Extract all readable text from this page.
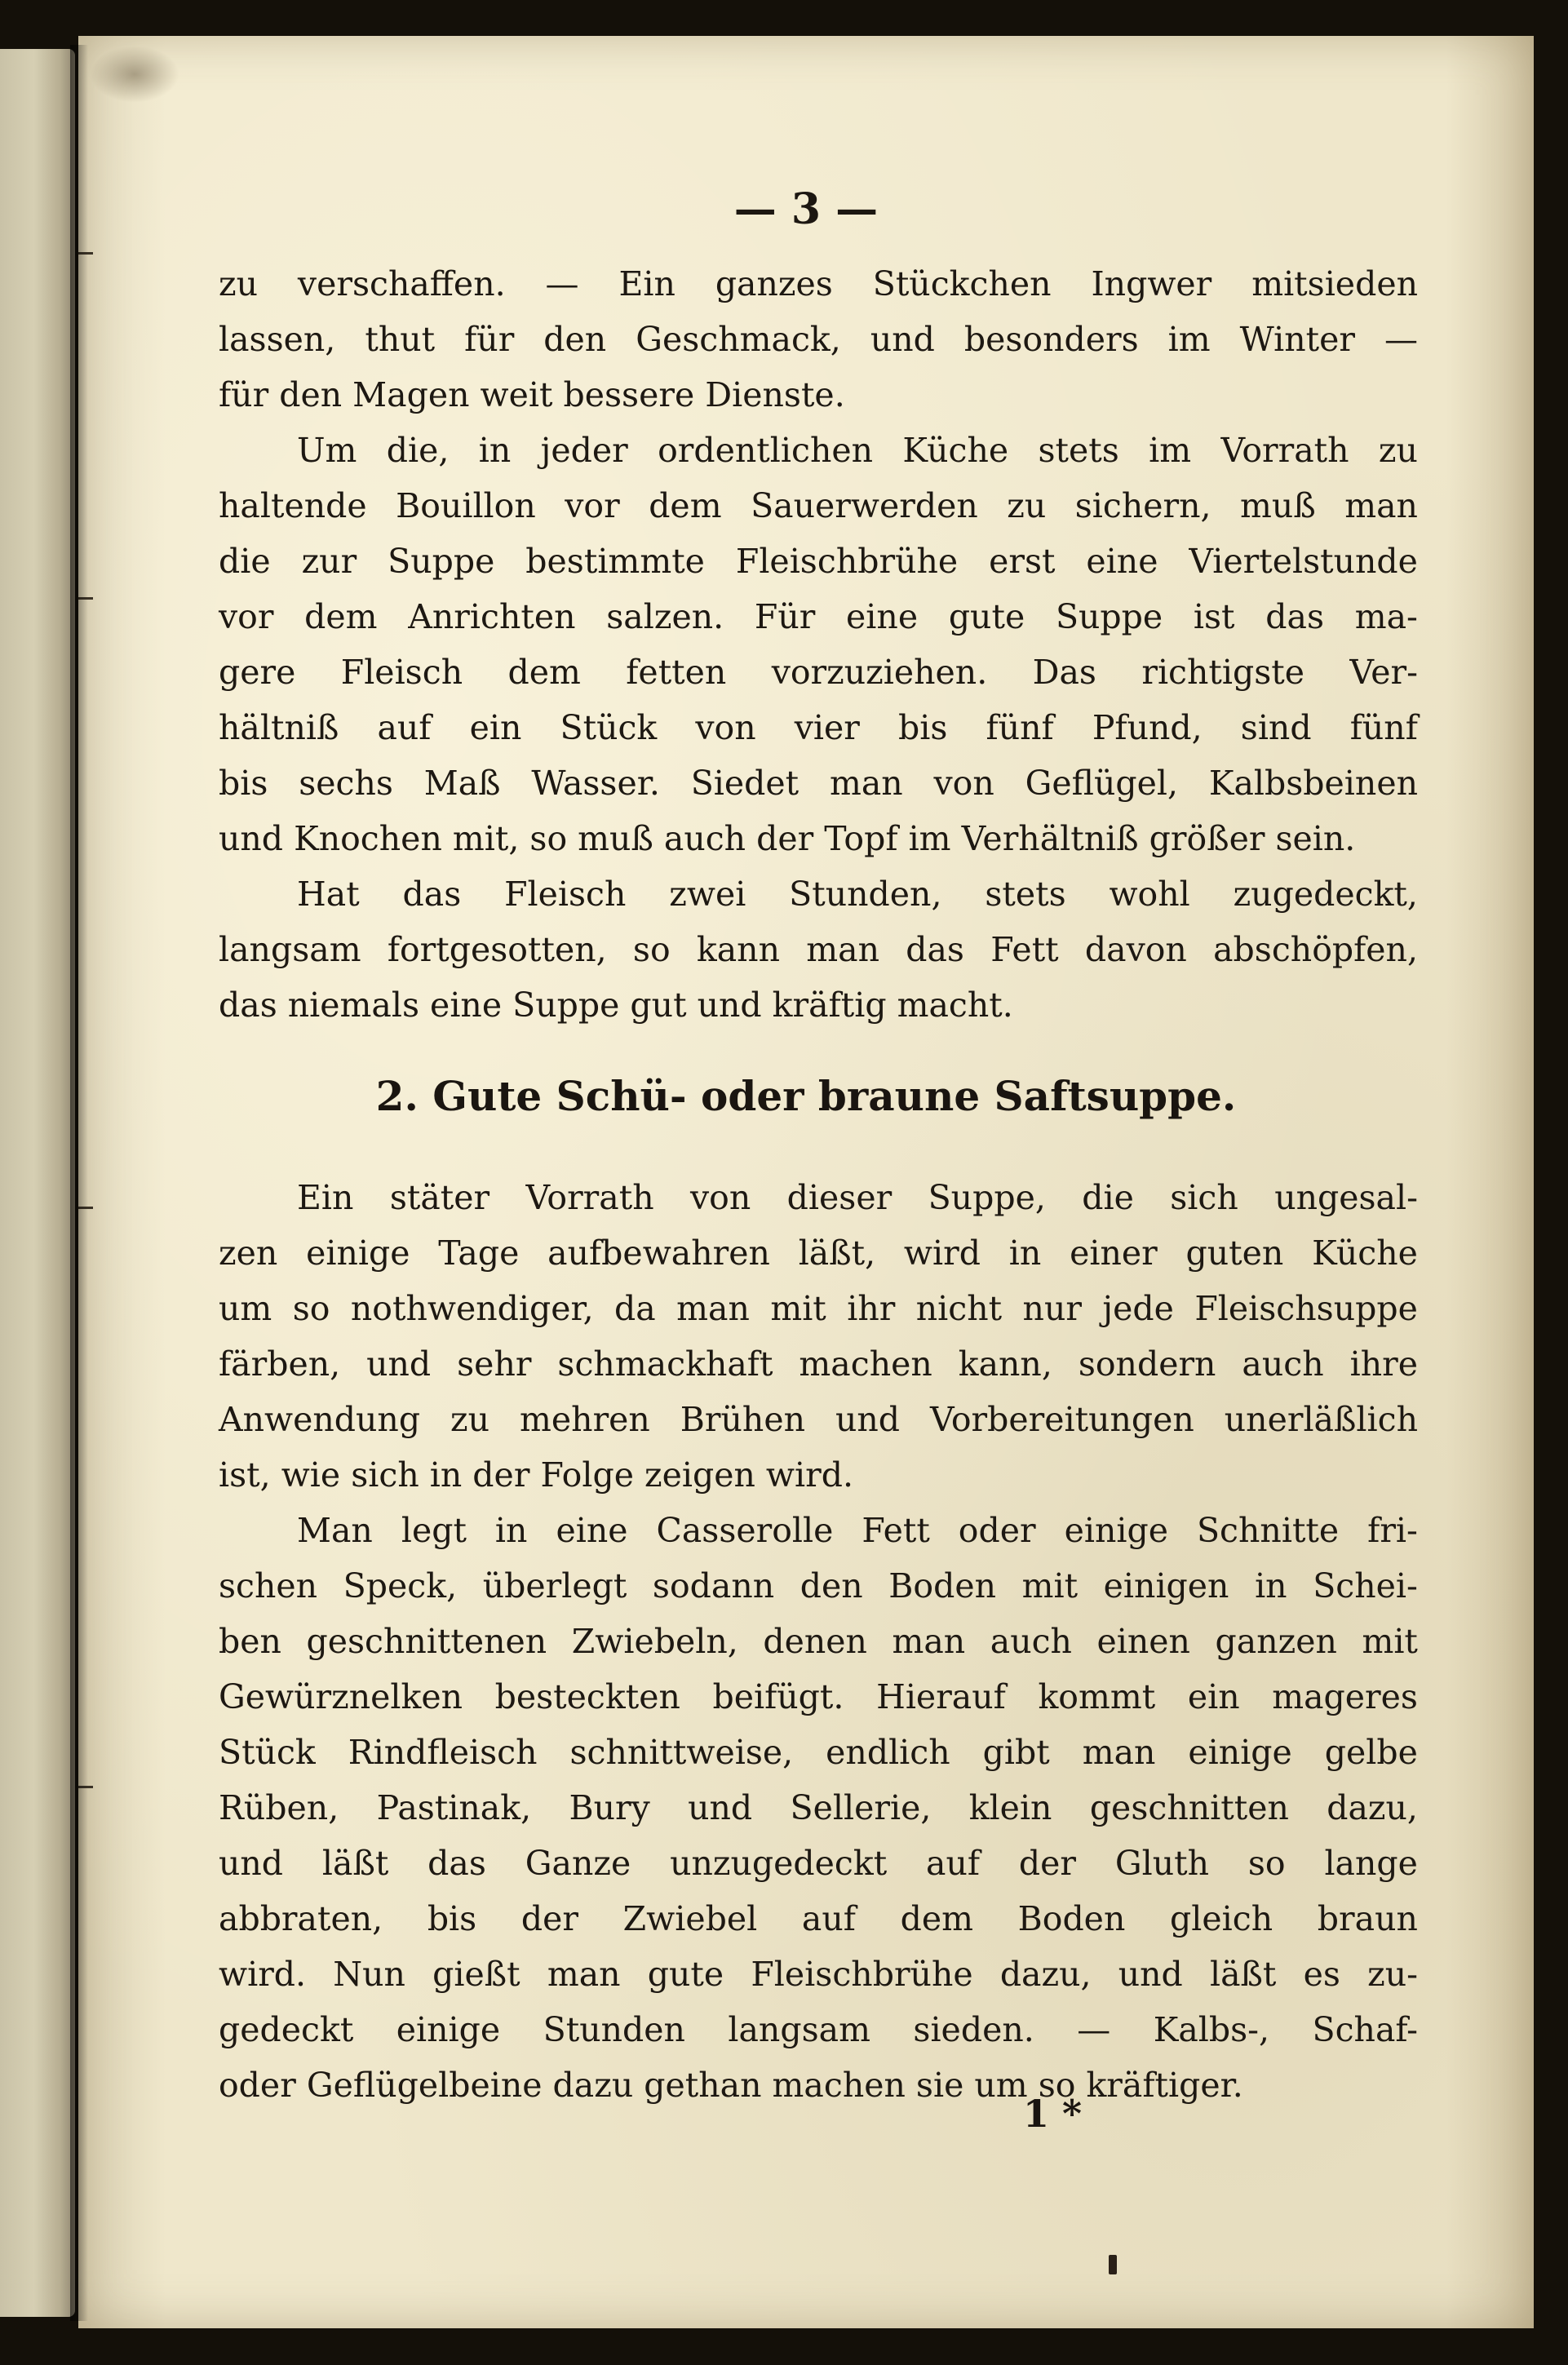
— 3 —
zu verschaffen. — Ein ganzes Stückchen Ingwer mitsieden
lassen, thut für den Geschmack, und besonders im Winter —
für den Magen weit bessere Dienste.
Um die, in jeder ordentlichen Küche stets im Vorrath zu
haltende Bouillon vor dem Sauerwerden zu sichern, muß man
die zur Suppe bestimmte Fleischbrühe erst eine Viertelstunde
vor dem Anrichten salzen. Für eine gute Suppe ist das ma-
gere Fleisch dem fetten vorzuziehen. Das richtigste Ver-
hältniß auf ein Stück von vier bis fünf Pfund, sind fünf
bis sechs Maß Wasser. Siedet man von Geflügel, Kalbsbeinen
und Knochen mit, so muß auch der Topf im Verhältniß größer sein.
Hat das Fleisch zwei Stunden, stets wohl zugedeckt,
langsam fortgesotten, so kann man das Fett davon abschöpfen,
das niemals eine Suppe gut und kräftig macht.
2. Gute Schü- oder braune Saftsuppe.
Ein stäter Vorrath von dieser Suppe, die sich ungesal-
zen einige Tage aufbewahren läßt, wird in einer guten Küche
um so nothwendiger, da man mit ihr nicht nur jede Fleischsuppe
färben, und sehr schmackhaft machen kann, sondern auch ihre
Anwendung zu mehren Brühen und Vorbereitungen unerläßlich
ist, wie sich in der Folge zeigen wird.
Man legt in eine Casserolle Fett oder einige Schnitte fri-
schen Speck, überlegt sodann den Boden mit einigen in Schei-
ben geschnittenen Zwiebeln, denen man auch einen ganzen mit
Gewürznelken besteckten beifügt. Hierauf kommt ein mageres
Stück Rindfleisch schnittweise, endlich gibt man einige gelbe
Rüben, Pastinak, Bury und Sellerie, klein geschnitten dazu,
und läßt das Ganze unzugedeckt auf der Gluth so lange
abbraten, bis der Zwiebel auf dem Boden gleich braun
wird. Nun gießt man gute Fleischbrühe dazu, und läßt es zu-
gedeckt einige Stunden langsam sieden. — Kalbs-, Schaf-
oder Geflügelbeine dazu gethan machen sie um so kräftiger.
1 *
